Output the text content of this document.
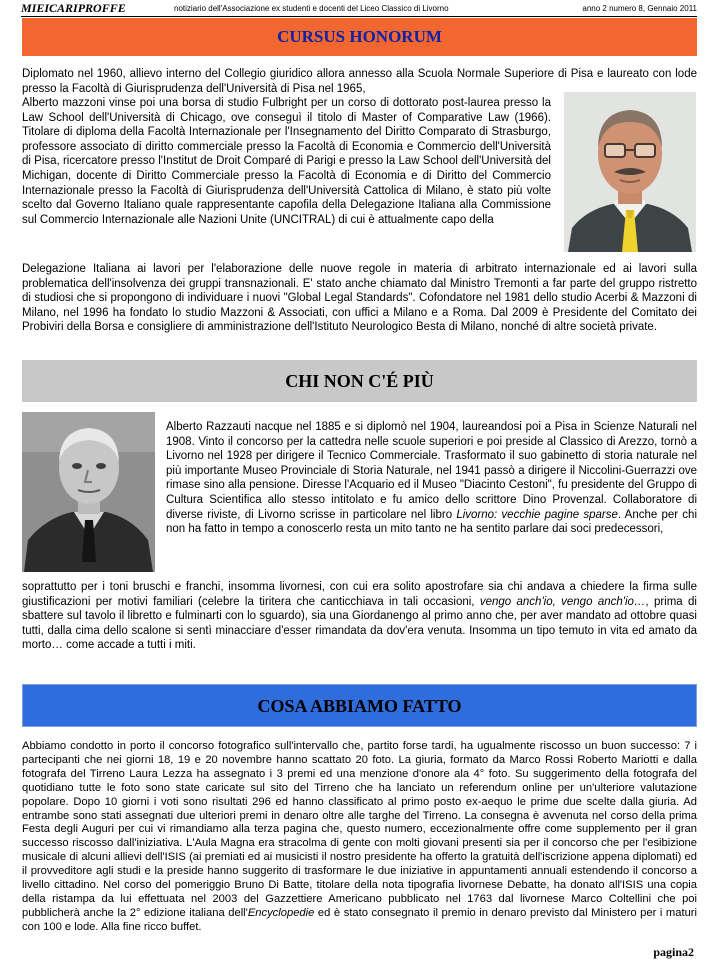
MIEICARIPROFFE	notiziario dell'Associazione ex studenti e docenti del Liceo Classico di Livorno	anno 2 numero 8, Gennaio 2011
CURSUS HONORUM

Diplomato nel 1960, allievo interno del Collegio giuridico allora annesso alla Scuola Normale Superiore di Pisa e laureato con lode presso la Facoltà di Giurisprudenza dell'Università di Pisa nel 1965,

Alberto mazzoni vinse poi una borsa di studio Fulbright per un corso di dottorato post-laurea presso la Law School dell'Università di Chicago, ove conseguì il titolo di Master of Comparative Law (1966). Titolare di diploma della Facoltà Internazionale per l'Insegnamento del Diritto Comparato di Strasburgo, professore associato di diritto commerciale presso la Facoltà di Economia e Commercio dell'Università di Pisa, ricercatore presso l'Institut de Droit Comparé di Parigi e presso la Law School dell'Università del Michigan, docente di Diritto Commerciale presso la Facoltà di Economia e di Diritto del Commercio Internazionale presso la Facoltà di Giurisprudenza dell'Università Cattolica di Milano, è stato più volte scelto dal Governo Italiano quale rappresentante capofila della Delegazione Italiana alla Commissione sul Commercio Internazionale alle Nazioni Unite (UNCITRAL) di cui è attualmente capo della

Delegazione Italiana ai lavori per l'elaborazione delle nuove regole in materia di arbitrato internazionale ed ai lavori sulla problematica dell'insolvenza dei gruppi transnazionali. E' stato anche chiamato dal Ministro Tremonti a far parte del gruppo ristretto di studiosi che si propongono di individuare i nuovi "Global Legal Standards". Cofondatore nel 1981 dello studio Acerbi & Mazzoni di Milano, nel 1996 ha fondato lo studio Mazzoni & Associati, con uffici a Milano e a Roma. Dal 2009 è Presidente del Comitato dei Probiviri della Borsa e consigliere di amministrazione dell'Istituto Neurologico Besta di Milano, nonché di altre società private.

CHI NON C'É PIÙ

Alberto Razzauti nacque nel 1885 e si diplomò nel 1904, laureandosi poi a Pisa in Scienze Naturali nel 1908. Vinto il concorso per la cattedra nelle scuole superiori e poi preside al Classico di Arezzo, tornò a Livorno nel 1928 per dirigere il Tecnico Commerciale. Trasformato il suo gabinetto di storia naturale nel più importante Museo Provinciale di Storia Naturale, nel 1941 passò a dirigere il Niccolini-Guerrazzi ove rimase sino alla pensione. Diresse l'Acquario ed il Museo "Diacinto Cestoni", fu presidente del Gruppo di Cultura Scientifica allo stesso intitolato e fu amico dello scrittore Dino Provenzal. Collaboratore di diverse riviste, di Livorno scrisse in particolare nel libro Livorno: vecchie pagine sparse. Anche per chi non ha fatto in tempo a conoscerlo resta un mito tanto ne ha sentito parlare dai soci predecessori,

soprattutto per i toni bruschi e franchi, insomma livornesi, con cui era solito apostrofare sia chi andava a chiedere la firma sulle giustificazioni per motivi familiari (celebre la tiritera che canticchiava in tali occasioni, vengo anch'io, vengo anch'io…, prima di sbattere sul tavolo il libretto e fulminarti con lo sguardo), sia una Giordanengo al primo anno che, per aver mandato ad ottobre quasi tutti, dalla cima dello scalone si sentì minacciare d'esser rimandata da dov'era venuta. Insomma un tipo temuto in vita ed amato da morto… come accade a tutti i miti.

COSA ABBIAMO FATTO

Abbiamo condotto in porto il concorso fotografico sull'intervallo che, partito forse tardi, ha ugualmente riscosso un buon successo: 7 i partecipanti che nei giorni 18, 19 e 20 novembre hanno scattato 20 foto. La giuria, formato da Marco Rossi Roberto Mariotti e dalla fotografa del Tirreno Laura Lezza ha assegnato i 3 premi ed una menzione d'onore ala 4° foto. Su suggerimento della fotografa del quotidiano tutte le foto sono state caricate sul sito del Tirreno che ha lanciato un referendum online per un'ulteriore valutazione popolare. Dopo 10 giorni i voti sono risultati 296 ed hanno classificato al primo posto ex-aequo le prime due scelte dalla giuria. Ad entrambe sono stati assegnati due ulteriori premi in denaro oltre alle targhe del Tirreno. La consegna è avvenuta nel corso della prima Festa degli Auguri per cui vi rimandiamo alla terza pagina che, questo numero, eccezionalmente offre come supplemento per il gran successo riscosso dall'iniziativa. L'Aula Magna era stracolma di gente con molti giovani presenti sia per il concorso che per l'esibizione musicale di alcuni allievi dell'ISIS (ai premiati ed ai musicisti il nostro presidente ha offerto la gratuità dell'iscrizione appena diplomati) ed il provveditore agli studi e la preside hanno suggerito di trasformare le due iniziative in appuntamenti annuali estendendo il concorso a livello cittadino. Nel corso del pomeriggio Bruno Di Batte, titolare della nota tipografia livornese Debatte, ha donato all'ISIS una copia della ristampa da lui effettuata nel 2003 del Gazzettiere Americano pubblicato nel 1763 dal livornese Marco Coltellini che poi pubblicherà anche la 2° edizione italiana dell'Encyclopedie ed è stato consegnato il premio in denaro previsto dal Ministero per i maturi con 100 e lode. Alla fine ricco buffet.

pagina2
